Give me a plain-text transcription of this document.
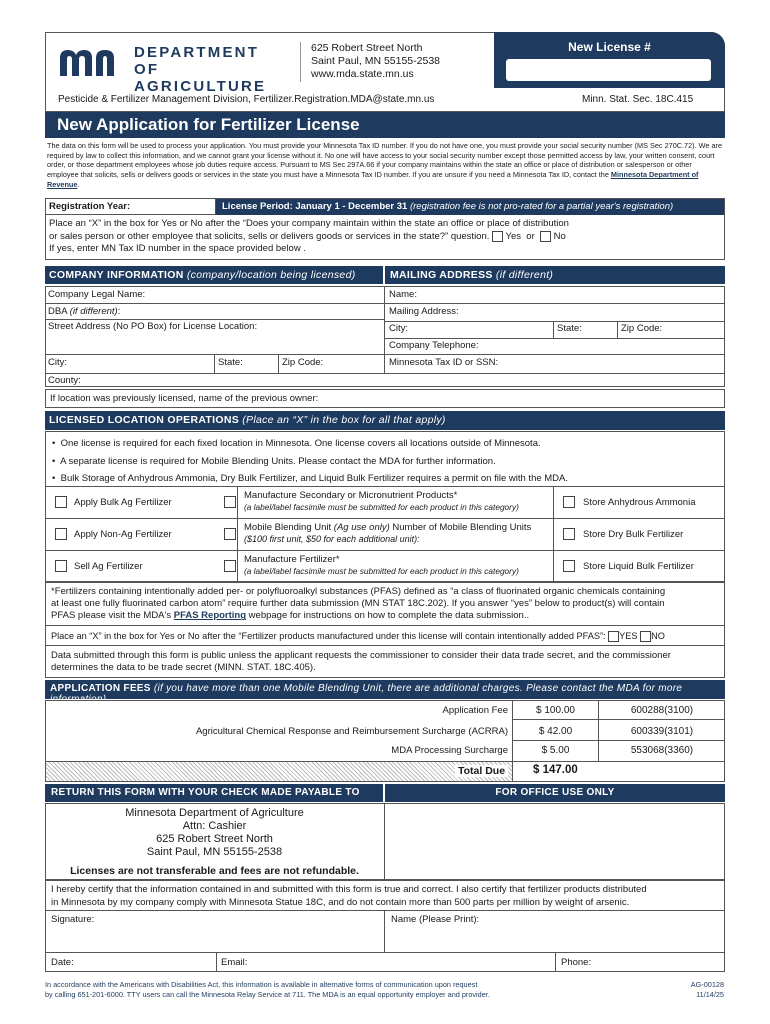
DEPARTMENT OF
AGRICULTURE
625 Robert Street North
Saint Paul, MN 55155-2538
www.mda.state.mn.us
New License #
Pesticide & Fertilizer Management Division, Fertilizer.Registration.MDA@state.mn.us	Minn. Stat. Sec. 18C.415
New Application for Fertilizer License
The data on this form will be used to process your application. You must provide your Minnesota Tax ID number. If you do not have one, you must provide your social security number (MS Sec 270C.72). We are required by law to collect this information, and we cannot grant your license without it. No one will have access to your social security number except those permitted access by law, your written consent, court order, or those department employees whose job duties require access. Pursuant to MS Sec 297A.66 if your company maintains within the state an office or place of distribution or salesperson or other employee that solicits, sells or delivers goods or services in the state you must have a Minnesota Tax ID number. If you are unsure if you need a Minnesota Tax ID, contact the Minnesota Department of Revenue.
Registration Year:	License Period: January 1 - December 31 (registration fee is not pro-rated for a partial year's registration)
Place an “X” in the box for Yes or No after the “Does your company maintain within the state an office or place of distribution
or sales person or other employee that solicits, sells or delivers goods or services in the state?” question. Yes or No
If yes, enter MN Tax ID number in the space provided below .
COMPANY INFORMATION (company/location being licensed)	MAILING ADDRESS (if different)
Company Legal Name:
DBA (if different):
Street Address (No PO Box) for License Location:
City:	State:	Zip Code:
County:
Name:
Mailing Address:
City:	State:	Zip Code:
Company Telephone:
Minnesota Tax ID or SSN:
If location was previously licensed, name of the previous owner:
LICENSED LOCATION OPERATIONS (Place an “X” in the box for all that apply)
•  One license is required for each fixed location in Minnesota. One license covers all locations outside of Minnesota.
•  A separate license is required for Mobile Blending Units. Please contact the MDA for further information.
•  Bulk Storage of Anhydrous Ammonia, Dry Bulk Fertilizer, and Liquid Bulk Fertilizer requires a permit on file with the MDA.
Apply Bulk Ag Fertilizer
Apply Non-Ag Fertilizer
Sell Ag Fertilizer
Manufacture Secondary or Micronutrient Products*
(a label/label facsimile must be submitted for each product in this category)
Mobile Blending Unit (Ag use only) Number of Mobile Blending Units
($100 first unit, $50 for each additional unit):
Manufacture Fertilizer*
(a label/label facsimile must be submitted for each product in this category)
Store Anhydrous Ammonia
Store Dry Bulk Fertilizer
Store Liquid Bulk Fertilizer
*Fertilizers containing intentionally added per- or polyfluoroalkyl substances (PFAS) defined as “a class of fluorinated organic chemicals containing
at least one fully fluorinated carbon atom” require further data submission (MN STAT 18C.202). If you answer “yes” below to product(s) will contain
PFAS please visit the MDA's PFAS Reporting webpage for instructions on how to complete the data submission..
Place an “X” in the box for Yes or No after the “Fertilizer products manufactured under this license will contain intentionally added PFAS”: YES NO
Data submitted through this form is public unless the applicant requests the commissioner to consider their data trade secret, and the commissioner
determines the data to be trade secret (MINN. STAT. 18C.405).
APPLICATION FEES (if you have more than one Mobile Blending Unit, there are additional charges. Please contact the MDA for more information)
Application Fee	$ 100.00	600288(3100)
Agricultural Chemical Response and Reimbursement Surcharge (ACRRA)	$ 42.00	600339(3101)
MDA Processing Surcharge	$ 5.00	553068(3360)
Total Due $ 147.00
RETURN THIS FORM WITH YOUR CHECK MADE PAYABLE TO	FOR OFFICE USE ONLY
Minnesota Department of Agriculture
Attn: Cashier
625 Robert Street North
Saint Paul, MN 55155-2538
Licenses are not transferable and fees are not refundable.
I hereby certify that the information contained in and submitted with this form is true and correct. I also certify that fertilizer products distributed
in Minnesota by my company comply with Minnesota Statue 18C, and do not contain more than 500 parts per million by weight of arsenic.
Signature:	Name (Please Print):
Date:	Email:	Phone:
In accordance with the Americans with Disabilities Act, this information is available in alternative forms of communication upon request
by calling 651-201-6000. TTY users can call the Minnesota Relay Service at 711. The MDA is an equal opportunity employer and provider.
AG-00128
11/14/25
